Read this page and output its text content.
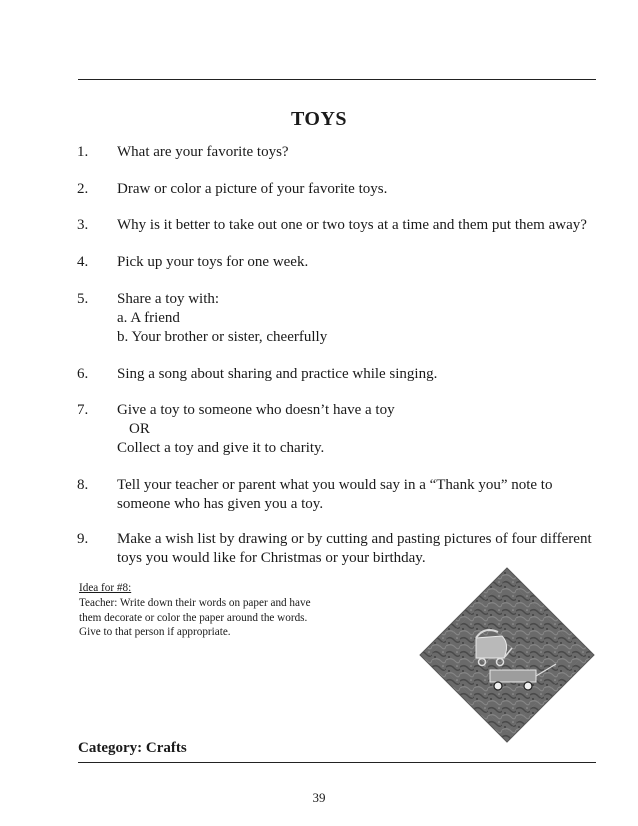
TOYS
1. What are your favorite toys?
2. Draw or color a picture of your favorite toys.
3. Why is it better to take out one or two toys at a time and them put them away?
4. Pick up your toys for one week.
5. Share a toy with:
a. A friend
b. Your brother or sister, cheerfully
6. Sing a song about sharing and practice while singing.
7. Give a toy to someone who doesn’t have a toy
OR
Collect a toy and give it to charity.
8. Tell your teacher or parent what you would say in a “Thank you” note to
someone who has given you a toy.
9. Make a wish list by drawing or by cutting and pasting pictures of four different
toys you would like for Christmas or your birthday.
Idea for #8:
Teacher: Write down their words on paper and have
them decorate or color the paper around the words.
Give to that person if appropriate.
Category: Crafts
39
